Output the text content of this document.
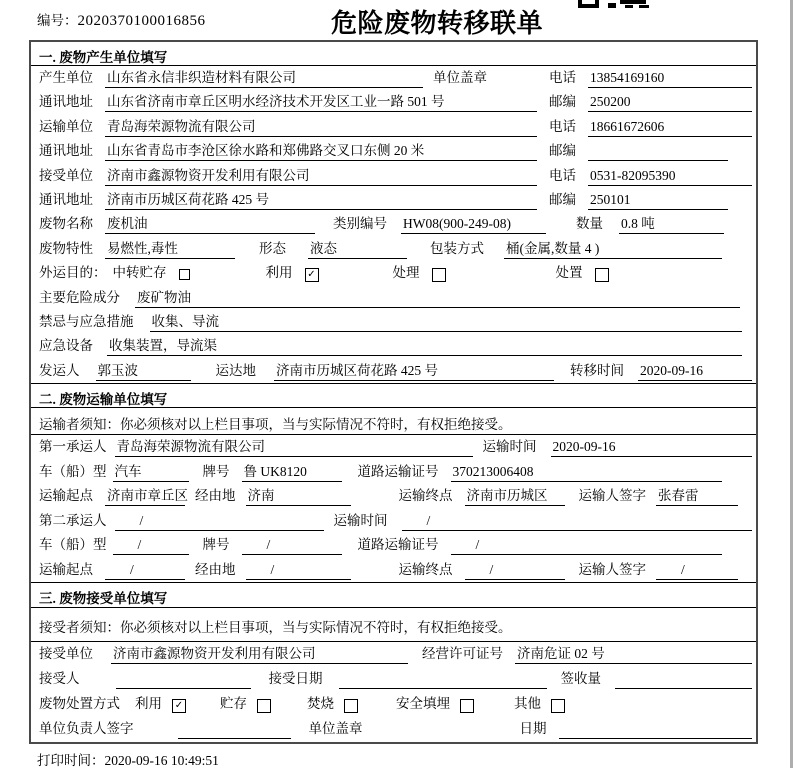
编号：2020370100016856	危险废物转移联单
一. 废物产生单位填写
产生单位 山东省永信非织造材料有限公司 ​	单位盖章	电话 13854169160 ​
通讯地址 山东省济南市章丘区明水经济技术开发区工业一路 501 号 ​	邮编 250200 ​
运输单位 青岛海荣源物流有限公司 ​	电话 18661672606 ​
通讯地址 山东省青岛市李沧区徐水路和郑佛路交叉口东侧 20 米 ​	邮编
​
接受单位 济南市鑫源物资开发利用有限公司 ​	电话 0531-82095390 ​
通讯地址 济南市历城区荷花路 425 号 ​	邮编 250101 ​
废物名称 废机油 ​	类别编号 HW08(900-249-08) ​	数量 0.8 吨 ​
废物特性 易燃性,毒性 ​	形态 液态 ​	包装方式 桶(金属,数量 4 ) ​
外运目的： 中转贮存	利用 ✓	处理	处置
主要危险成分 废矿物油 ​
禁忌与应急措施 收集、导流 ​
应急设备 收集装置，导流渠 ​
发运人 郭玉波 ​	运达地 济南市历城区荷花路 425 号 ​	转移时间 2020-09-16 ​
二. 废物运输单位填写
运输者须知：你必须核对以上栏目事项，当与实际情况不符时，有权拒绝接受。
第一承运人 青岛海荣源物流有限公司 ​	运输时间 2020-09-16 ​
车（船）型 汽车 ​	牌号 鲁 UK8120 ​	道路运输证号 370213006408 ​
运输起点 济南市章丘区 ​ 经由地 济南 ​	运输终点 济南市历城区 ​	运输人签字 张春雷 ​
第二承运人	/ ​	运输时间	/ ​
车（船）型	/ ​	牌号	/ ​	道路运输证号	/ ​
运输起点	/ ​	经由地	/ ​	运输终点	/ ​	运输人签字	/ ​
三. 废物接受单位填写
接受者须知：你必须核对以上栏目事项，当与实际情况不符时，有权拒绝接受。
接受单位 济南市鑫源物资开发利用有限公司 ​	经营许可证号 济南危证 02 号 ​
接受人 ​	接受日期 ​	签收量
​
废物处置方式 利用 ✓	贮存	焚烧	安全填埋	其他
单位负责人签字 ​	单位盖章	日期
​
打印时间：2020-09-16 10:49:51
